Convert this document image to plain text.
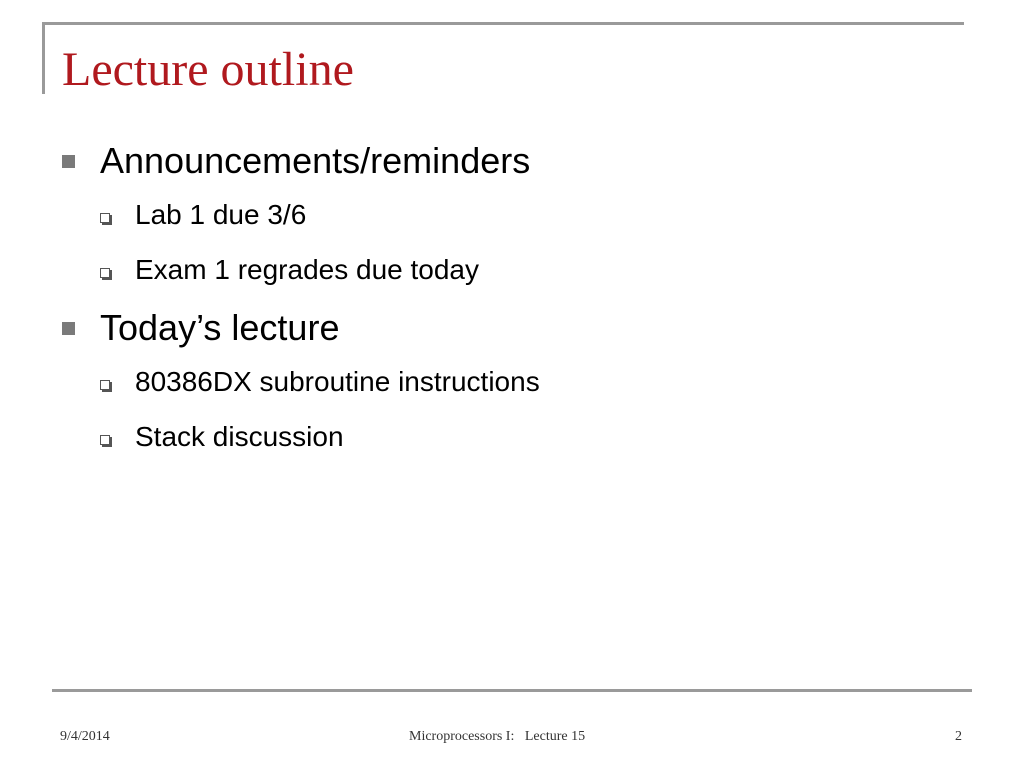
Lecture outline
Announcements/reminders
Lab 1 due 3/6
Exam 1 regrades due today
Today’s lecture
80386DX subroutine instructions
Stack discussion
9/4/2014	Microprocessors I:   Lecture 15	2
